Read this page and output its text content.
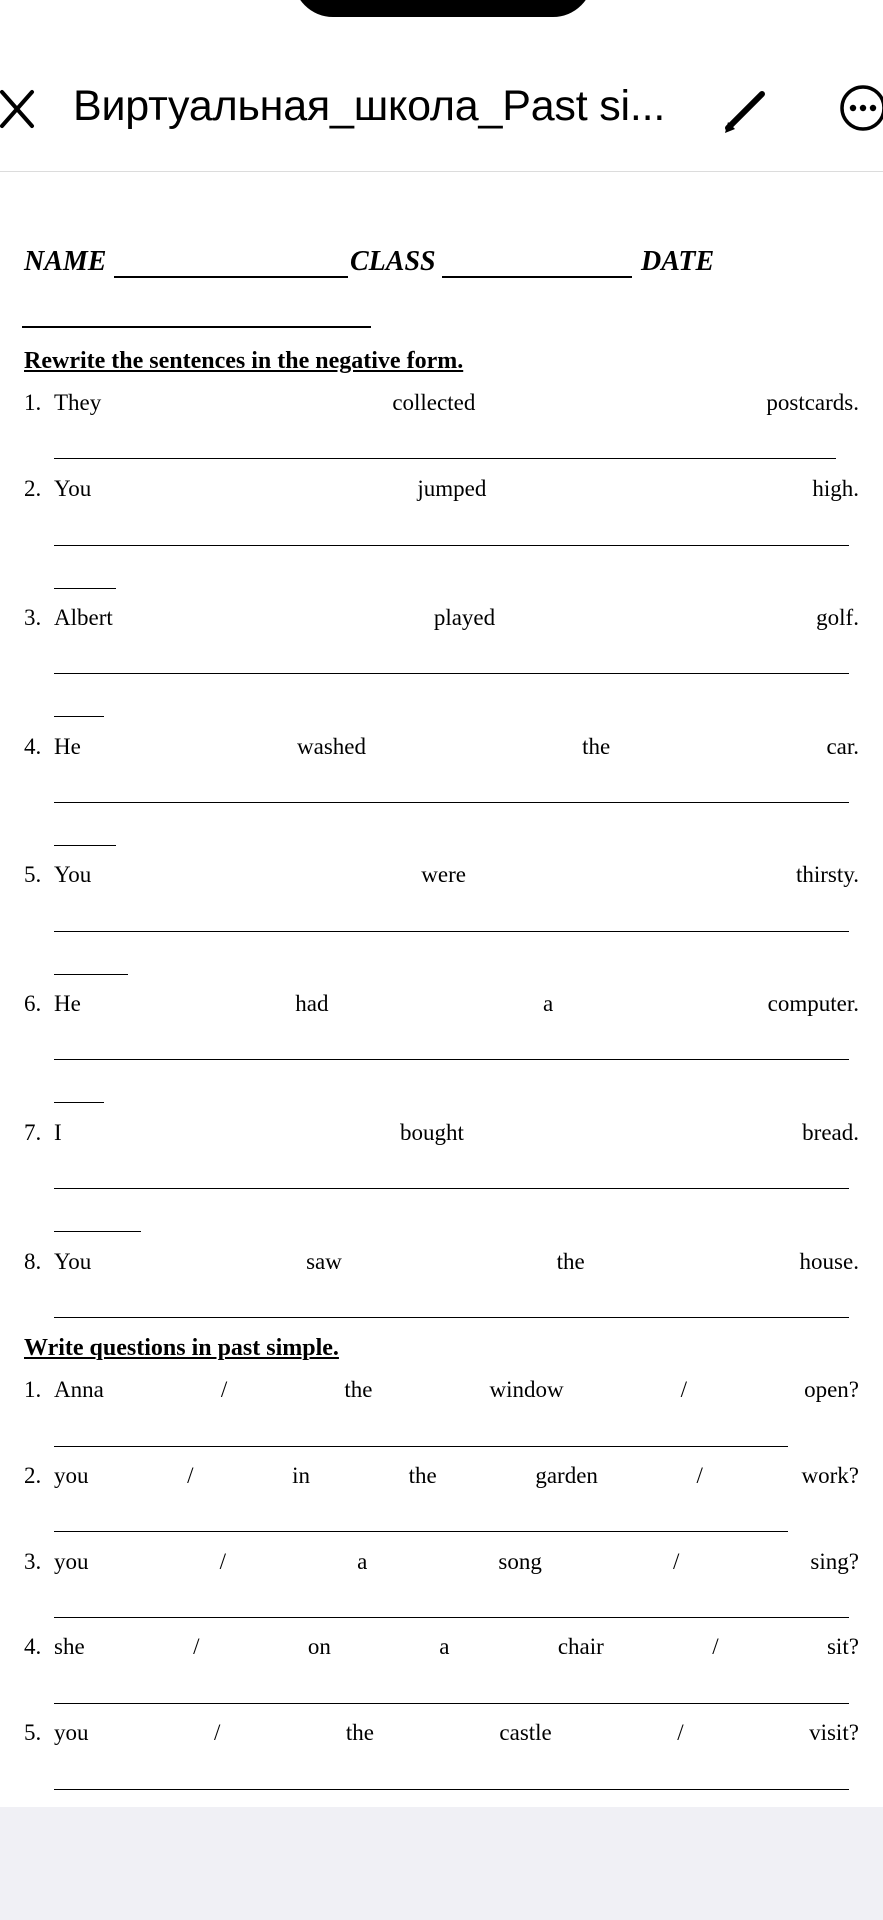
Виртуальная_школа_Past si...
NAME	CLASS	DATE
Rewrite the sentences in the negative form.
1. They	collected	postcards.
2. You	jumped	high.
3. Albert	played	golf.
4. He	washed	the	car.
5. You	were	thirsty.
6. He	had	a	computer.
7. I	bought	bread.
8. You	saw	the	house.
Write questions in past simple.
1. Anna	/	the	window	/	open?
2. you	/	in	the	garden	/	work?
3. you	/	a	song	/	sing?
4. she	/	on	a	chair	/	sit?
5. you	/	the	castle	/	visit?
